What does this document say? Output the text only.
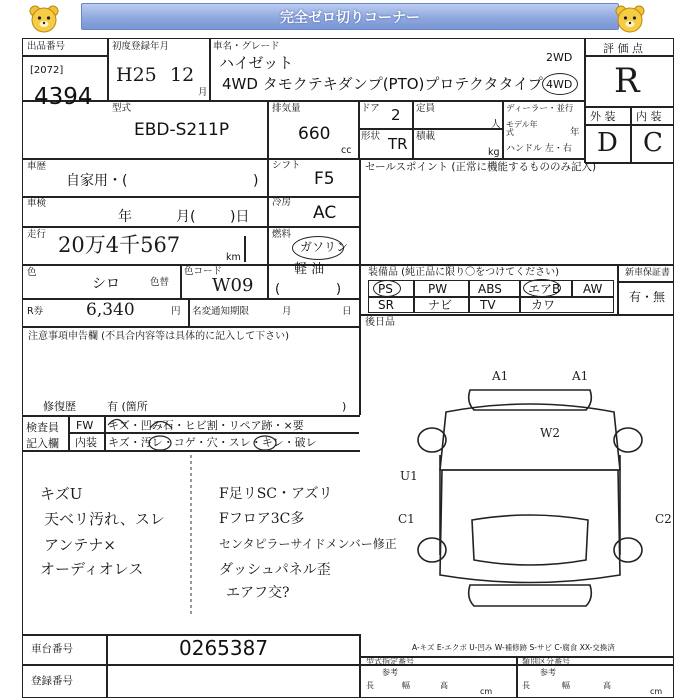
完全ゼロ切りコーナー
出品番号
[2072]
4394
初度登録年月
H25 12
月
車名・グレード
ハイゼット
4WD タモクテキダンプ(PTO)プロテクタタイプ
2WD
4WD
評 価 点
R
外 装 内 装
D C
型式
EBD-S211P
排気量
660
cc
ドア 2
形状 TR
定員
人
積載
kg
ディーラー・並行
モデル年式	年
ハンドル 左・右
車歴
自家用・(	)
シフト
F5
冷房
AC
車検
年	月( )日
走行 20万4千567
km
燃料
ガソリン
軽 油
(	)
色
シロ	色替
色コード
W09
R券	6,340	円 名変通知期限	月	日
セールスポイント (正常に機能するもののみ記入)
装備品 (純正品に限り〇をつけてください)
PS	PW	ABS エアB AW
SR	ナビ TV	カワ
新車保証書
有・無
後日品
注意事項申告欄 (不具合内容等は具体的に記入して下さい)
修復歴	有 (箇所	)
検査員
記入欄
FW キズ・凹み石・ヒビ割・リペア跡・×要
内装 キズ・汚レ・コゲ・穴・スレ・キレ・破レ
キズU
天ベリ汚れ、スレ
アンテナ×
オーディオレス
F足リSC・アズリ
Fフロア3C多
センタピラーサイドメンバー修正
ダッシュパネル歪
エアフ交?
A1	A1
W2
U1
C1	C2
A-キズ E-エクボ U-凹み W-補修跡 S-サビ C-腐食 XX-交換済
車台番号	0265387
登録番号
型式指定番号	類別区分番号
参考	参考
長	幅	高
cm
長	幅	高
cm
